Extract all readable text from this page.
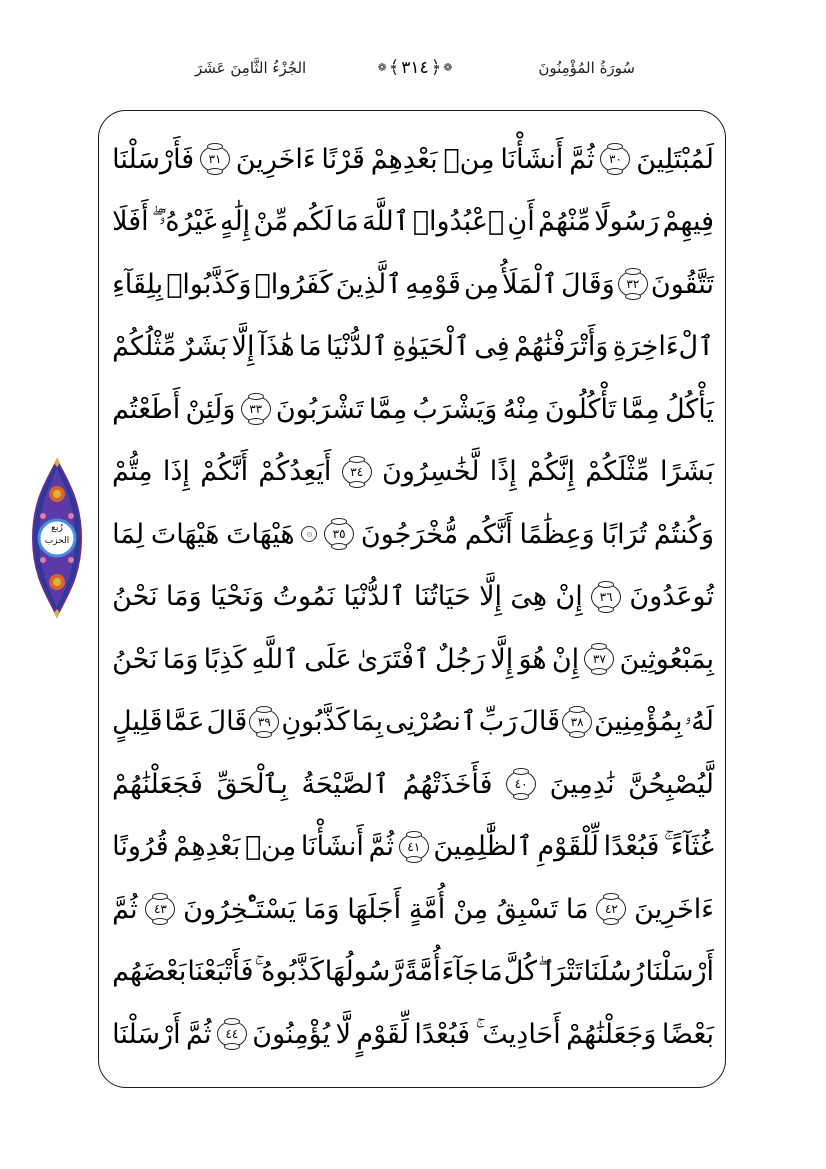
سُورَةُ المُؤْمِنُونَ
❁ ﴾ ٣١٤ ﴿ ❁
الجُزْءُ الثَّامِنَ عَشَرَ
رُبع
الحزب
لَمُبْتَلِينَ
٣٠
ثُمَّ
أَنشَأْنَا
مِنۢ
بَعْدِهِمْ
قَرْنًا
ءَاخَرِينَ
٣١
فَأَرْسَلْنَا
فِيهِمْ
رَسُولًا
مِّنْهُمْ
أَنِ
ٱعْبُدُوا۟
ٱللَّهَ
مَا
لَكُم
مِّنْ
إِلَٰهٍ
غَيْرُهُۥٓ ۖ
أَفَلَا
تَتَّقُونَ
٣٢
وَقَالَ
ٱلْمَلَأُ
مِن
قَوْمِهِ
ٱلَّذِينَ
كَفَرُوا۟
وَكَذَّبُوا۟
بِلِقَآءِ
ٱلْءَاخِرَةِ
وَأَتْرَفْنَٰهُمْ
فِى
ٱلْحَيَوٰةِ
ٱلدُّنْيَا
مَا
هَٰذَآ
إِلَّا
بَشَرٌ
مِّثْلُكُمْ
يَأْكُلُ
مِمَّا
تَأْكُلُونَ
مِنْهُ
وَيَشْرَبُ
مِمَّا
تَشْرَبُونَ
٣٣
وَلَئِنْ
أَطَعْتُم
بَشَرًا
مِّثْلَكُمْ
إِنَّكُمْ
إِذًا
لَّخَٰسِرُونَ
٣٤
أَيَعِدُكُمْ
أَنَّكُمْ
إِذَا
مِتُّمْ
وَكُنتُمْ
تُرَابًا
وَعِظَٰمًا
أَنَّكُم
مُّخْرَجُونَ
٣٥
۞
هَيْهَاتَ
هَيْهَاتَ
لِمَا
تُوعَدُونَ
٣٦
إِنْ
هِىَ
إِلَّا
حَيَاتُنَا
ٱلدُّنْيَا
نَمُوتُ
وَنَحْيَا
وَمَا
نَحْنُ
بِمَبْعُوثِينَ
٣٧
إِنْ
هُوَ
إِلَّا
رَجُلٌ
ٱفْتَرَىٰ
عَلَى
ٱللَّهِ
كَذِبًا
وَمَا
نَحْنُ
لَهُۥ
بِمُؤْمِنِينَ
٣٨
قَالَ
رَبِّ
ٱنصُرْنِى
بِمَا
كَذَّبُونِ
٣٩
قَالَ
عَمَّا
قَلِيلٍ
لَّيُصْبِحُنَّ
نَٰدِمِينَ
٤٠
فَأَخَذَتْهُمُ
ٱلصَّيْحَةُ
بِٱلْحَقِّ
فَجَعَلْنَٰهُمْ
غُثَآءً ۚ
فَبُعْدًا
لِّلْقَوْمِ
ٱلظَّٰلِمِينَ
٤١
ثُمَّ
أَنشَأْنَا
مِنۢ
بَعْدِهِمْ
قُرُونًا
ءَاخَرِينَ
٤٢
مَا
تَسْبِقُ
مِنْ
أُمَّةٍ
أَجَلَهَا
وَمَا
يَسْتَـْٔخِرُونَ
٤٣
ثُمَّ
أَرْسَلْنَا
رُسُلَنَا
تَتْرَا ۖ
كُلَّ
مَا
جَآءَ
أُمَّةً
رَّسُولُهَا
كَذَّبُوهُ ۚ
فَأَتْبَعْنَا
بَعْضَهُم
بَعْضًا
وَجَعَلْنَٰهُمْ
أَحَادِيثَ ۚ
فَبُعْدًا
لِّقَوْمٍ
لَّا
يُؤْمِنُونَ
٤٤
ثُمَّ
أَرْسَلْنَا
